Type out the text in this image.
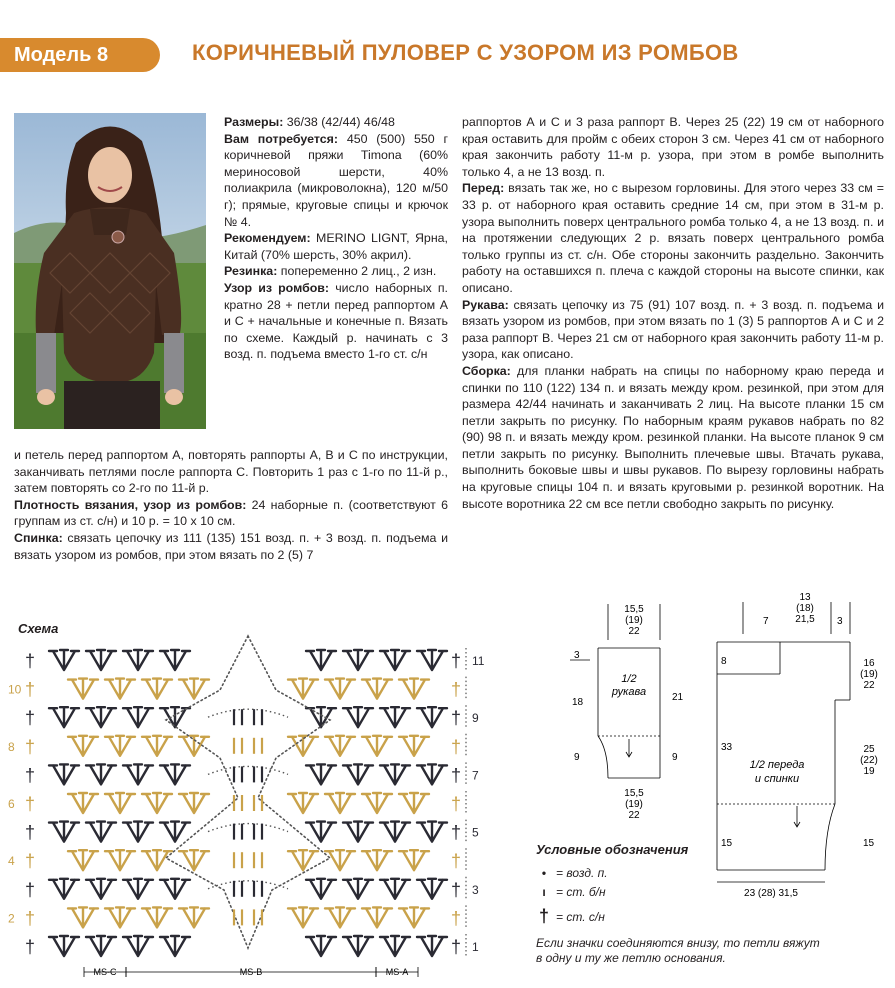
Модель 8	КОРИЧНЕВЫЙ ПУЛОВЕР С УЗОРОМ ИЗ РОМБОВ

Размеры: 36/38 (42/44) 46/48

Вам потребуется: 450 (500) 550 г коричневой пряжи Timona (60% мериносовой шерсти, 40% полиакрила (микроволокна), 120 м/50 г); прямые, круговые спицы и крючок № 4.

Рекомендуем: MERINO LIGNT, Ярна, Китай (70% шерсть, 30% акрил).

Резинка: попеременно 2 лиц., 2 изн.

Узор из ромбов: число наборных п. кратно 28 + петли перед раппортом А и С + начальные и конечные п. Вязать по схеме. Каждый р. начинать с 3 возд. п. подъема вместо 1-го ст. с/н

и петель перед раппортом А, повторять раппорты А, В и С по инструкции, заканчивать петлями после раппорта С. Повторить 1 раз с 1-го по 11-й р., затем повторять со 2-го по 11-й р.

Плотность вязания, узор из ромбов: 24 наборные п. (соответствуют 6 группам из ст. с/н) и 10 р. = 10 х 10 см.

Спинка: связать цепочку из 111 (135) 151 возд. п. + 3 возд. п. подъема и вязать узором из ромбов, при этом вязать по 2 (5) 7

раппортов А и С и 3 раза раппорт В. Через 25 (22) 19 см от наборного края оставить для пройм с обеих сторон 3 см. Через 41 см от наборного края закончить работу 11-м р. узора, при этом в ромбе выполнить только 4, а не 13 возд. п.

Перед: вязать так же, но с вырезом горловины. Для этого через 33 см = 33 р. от наборного края оставить средние 14 см, при этом в 31-м р. узора выполнить поверх центрального ромба только 4, а не 13 возд. п. и на протяжении следующих 2 р. вязать поверх центрального ромба только группы из ст. с/н. Обе стороны закончить раздельно. Закончить работу на оставшихся п. плеча с каждой стороны на высоте спинки, как описано.

Рукава: связать цепочку из 75 (91) 107 возд. п. + 3 возд. п. подъема и вязать узором из ромбов, при этом вязать по 1 (3) 5 раппортов А и С и 2 раза раппорт В. Через 21 см от наборного края закончить работу 11-м р. узора, как описано.

Сборка: для планки набрать на спицы по наборному краю переда и спинки по 110 (122) 134 п. и вязать между кром. резинкой, при этом для размера 42/44 начинать и заканчивать 2 лиц. На высоте планки 15 см петли закрыть по рисунку. По наборным краям рукавов набрать по 82 (90) 98 п. и вязать между кром. резинкой планки. На высоте планок 9 см петли закрыть по рисунку. Выполнить плечевые швы. Втачать рукава, выполнить боковые швы и швы рукавов. По вырезу горловины набрать на круговые спицы 104 п. и вязать круговыми р. резинкой воротник. На высоте воротника 22 см все петли свободно закрыть по рисунку.

Схема
†	†
†	†
†	†
†	†
†	†
†	†
†	†
†	†
†	†
†	†
†	† 11
9
7
5
3
1
10
8
6
4
2
MS-C	MS-B	MS-A
15,5 (19) 22
3
18
9
21
9
1/2 рукава
15,5 (19) 22
13 (18) 21,5
7	3
8
33
15
16 (19) 22
25 (22) 19
15
1/2 переда и спинки
23 (28) 31,5
Условные обозначения
• = возд. п.
ı = ст. б/н
† = ст. с/н
Если значки соединяются внизу, то петли вяжут
в одну и ту же петлю основания.
